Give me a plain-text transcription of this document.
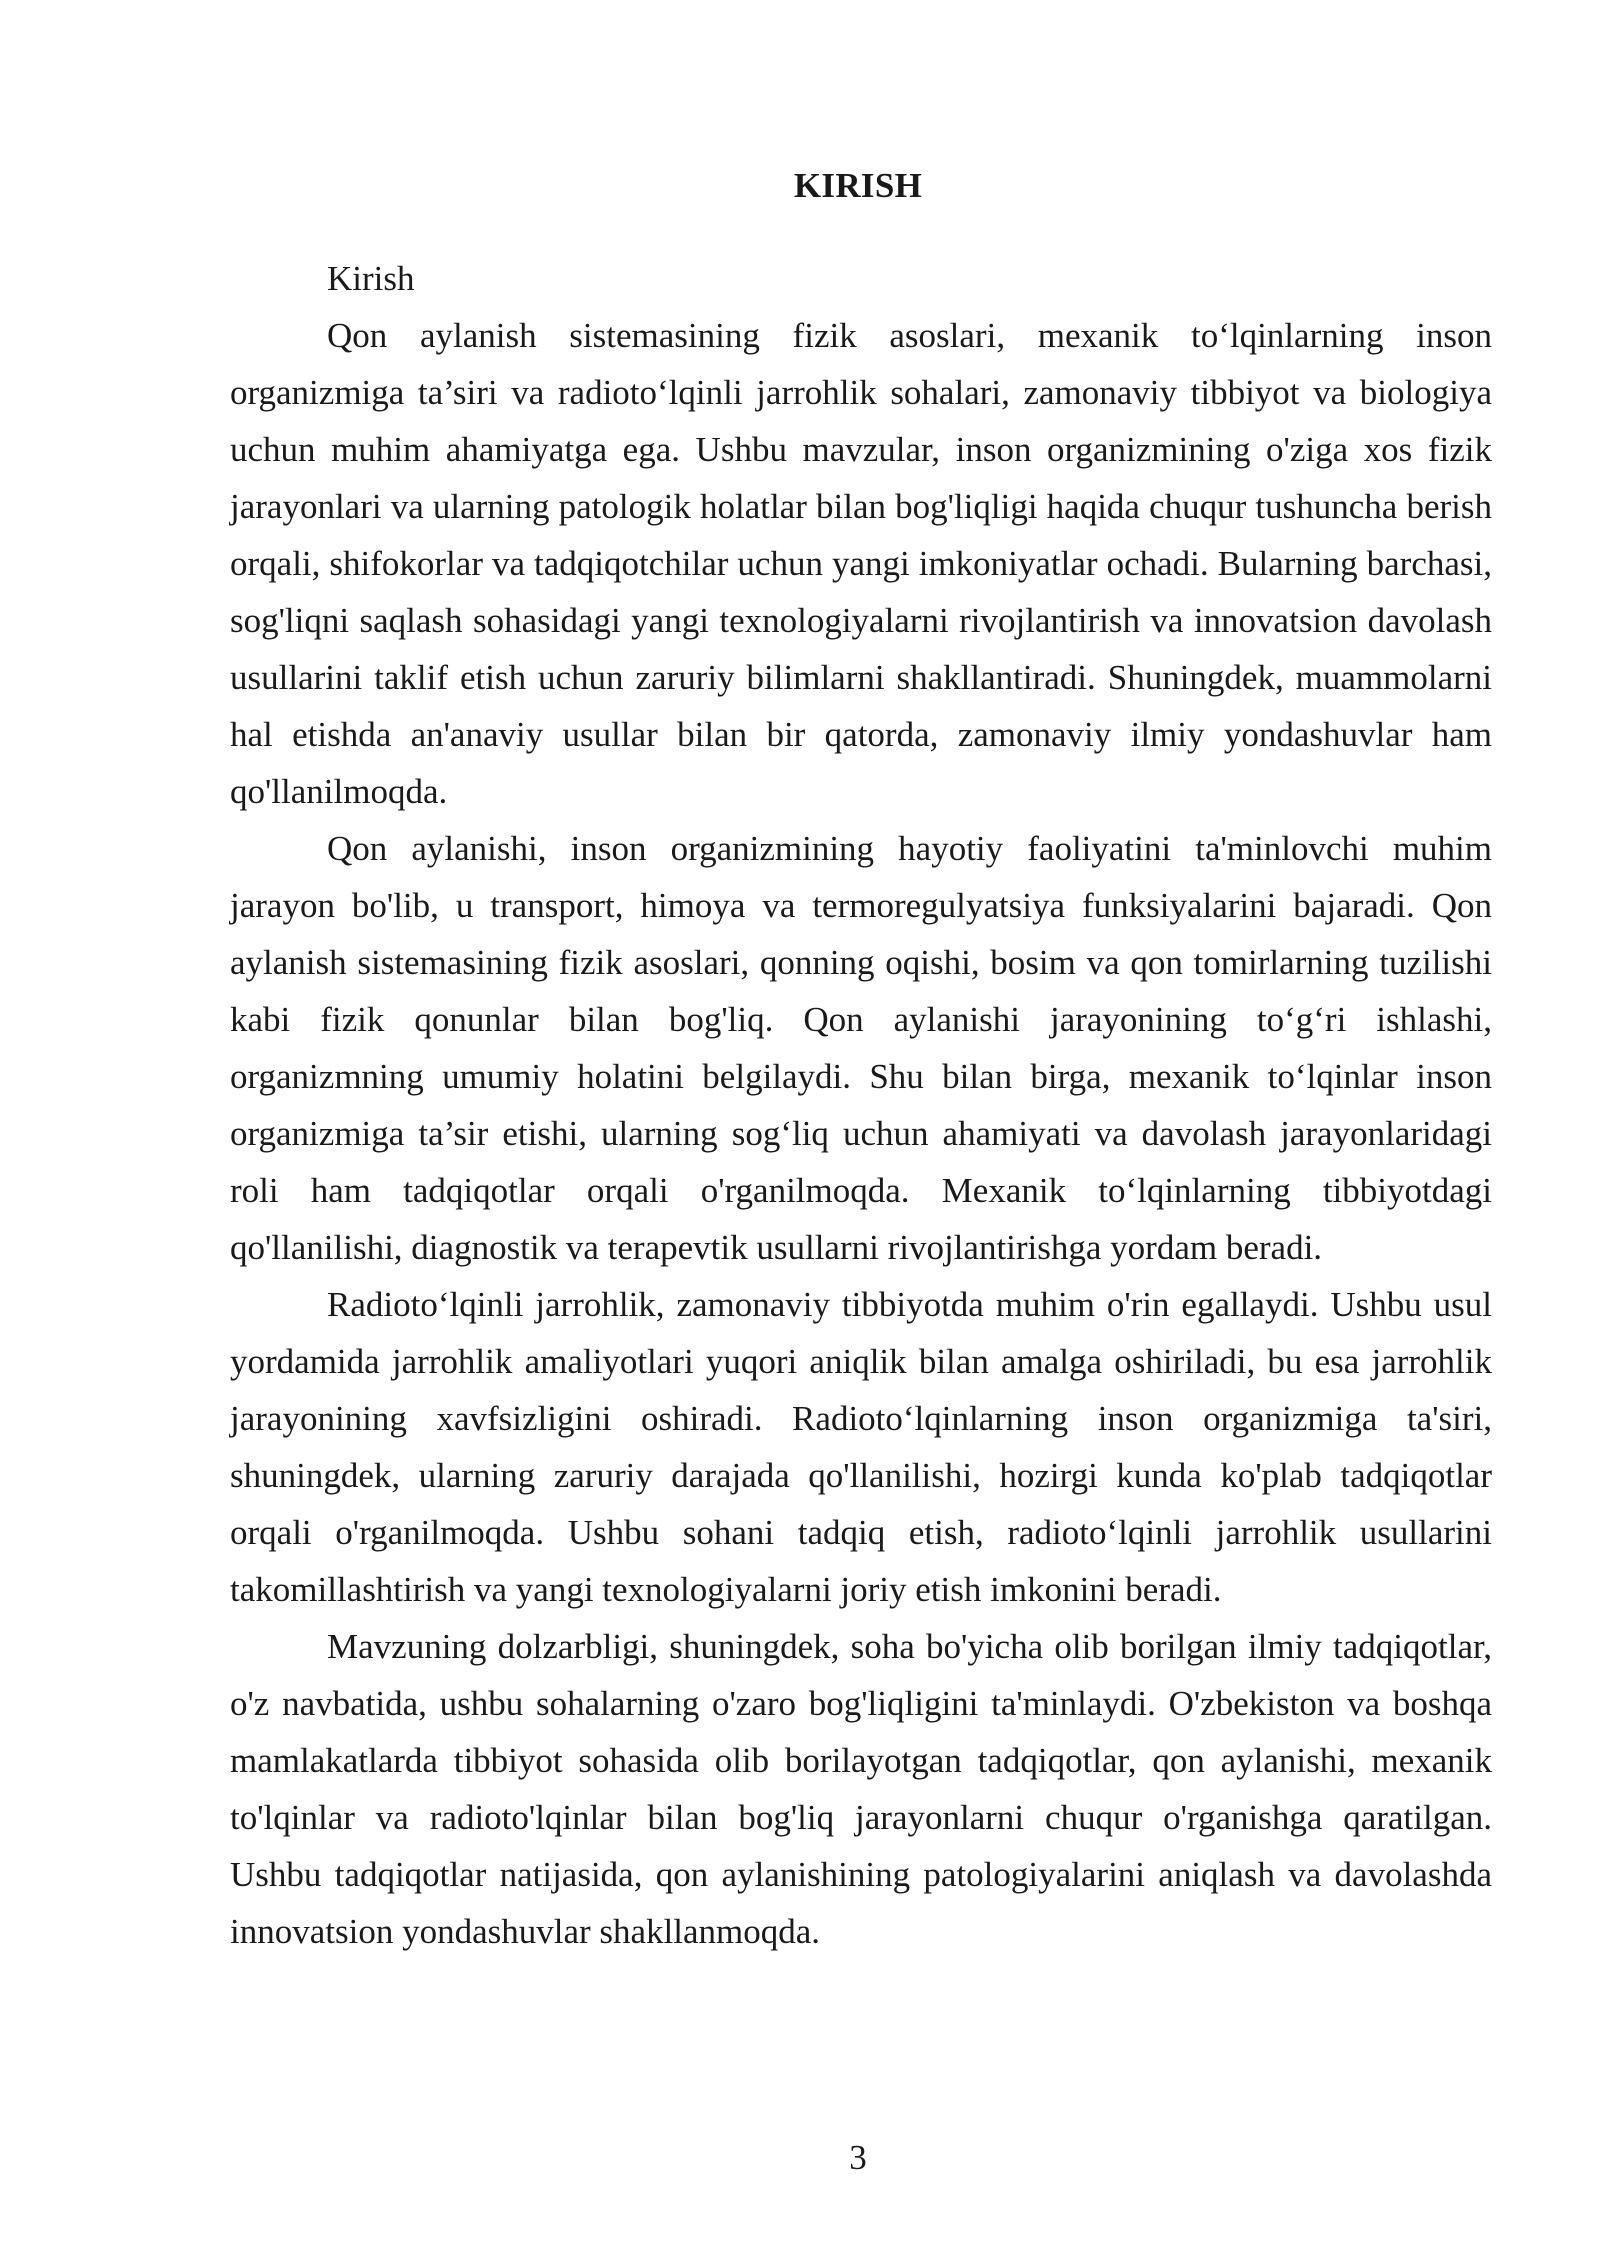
KIRISH

Kirish

Qon aylanish sistemasining fizik asoslari, mexanik to‘lqinlarning inson organizmiga ta’siri va radioto‘lqinli jarrohlik sohalari, zamonaviy tibbiyot va biologiya uchun muhim ahamiyatga ega. Ushbu mavzular, inson organizmining o'ziga xos fizik jarayonlari va ularning patologik holatlar bilan bog'liqligi haqida chuqur tushuncha berish orqali, shifokorlar va tadqiqotchilar uchun yangi imkoniyatlar ochadi. Bularning barchasi, sog'liqni saqlash sohasidagi yangi texnologiyalarni rivojlantirish va innovatsion davolash usullarini taklif etish uchun zaruriy bilimlarni shakllantiradi. Shuningdek, muammolarni hal etishda an'anaviy usullar bilan bir qatorda, zamonaviy ilmiy yondashuvlar ham qo'llanilmoqda.

Qon aylanishi, inson organizmining hayotiy faoliyatini ta'minlovchi muhim jarayon bo'lib, u transport, himoya va termoregulyatsiya funksiyalarini bajaradi. Qon aylanish sistemasining fizik asoslari, qonning oqishi, bosim va qon tomirlarning tuzilishi kabi fizik qonunlar bilan bog'liq. Qon aylanishi jarayonining to‘g‘ri ishlashi, organizmning umumiy holatini belgilaydi. Shu bilan birga, mexanik to‘lqinlar inson organizmiga ta’sir etishi, ularning sog‘liq uchun ahamiyati va davolash jarayonlaridagi roli ham tadqiqotlar orqali o'rganilmoqda. Mexanik to‘lqinlarning tibbiyotdagi qo'llanilishi, diagnostik va terapevtik usullarni rivojlantirishga yordam beradi.

Radioto‘lqinli jarrohlik, zamonaviy tibbiyotda muhim o'rin egallaydi. Ushbu usul yordamida jarrohlik amaliyotlari yuqori aniqlik bilan amalga oshiriladi, bu esa jarrohlik jarayonining xavfsizligini oshiradi. Radioto‘lqinlarning inson organizmiga ta'siri, shuningdek, ularning zaruriy darajada qo'llanilishi, hozirgi kunda ko'plab tadqiqotlar orqali o'rganilmoqda. Ushbu sohani tadqiq etish, radioto‘lqinli jarrohlik usullarini takomillashtirish va yangi texnologiyalarni joriy etish imkonini beradi.

Mavzuning dolzarbligi, shuningdek, soha bo'yicha olib borilgan ilmiy tadqiqotlar, o'z navbatida, ushbu sohalarning o'zaro bog'liqligini ta'minlaydi. O'zbekiston va boshqa mamlakatlarda tibbiyot sohasida olib borilayotgan tadqiqotlar, qon aylanishi, mexanik to'lqinlar va radioto'lqinlar bilan bog'liq jarayonlarni chuqur o'rganishga qaratilgan. Ushbu tadqiqotlar natijasida, qon aylanishining patologiyalarini aniqlash va davolashda innovatsion yondashuvlar shakllanmoqda.

3
